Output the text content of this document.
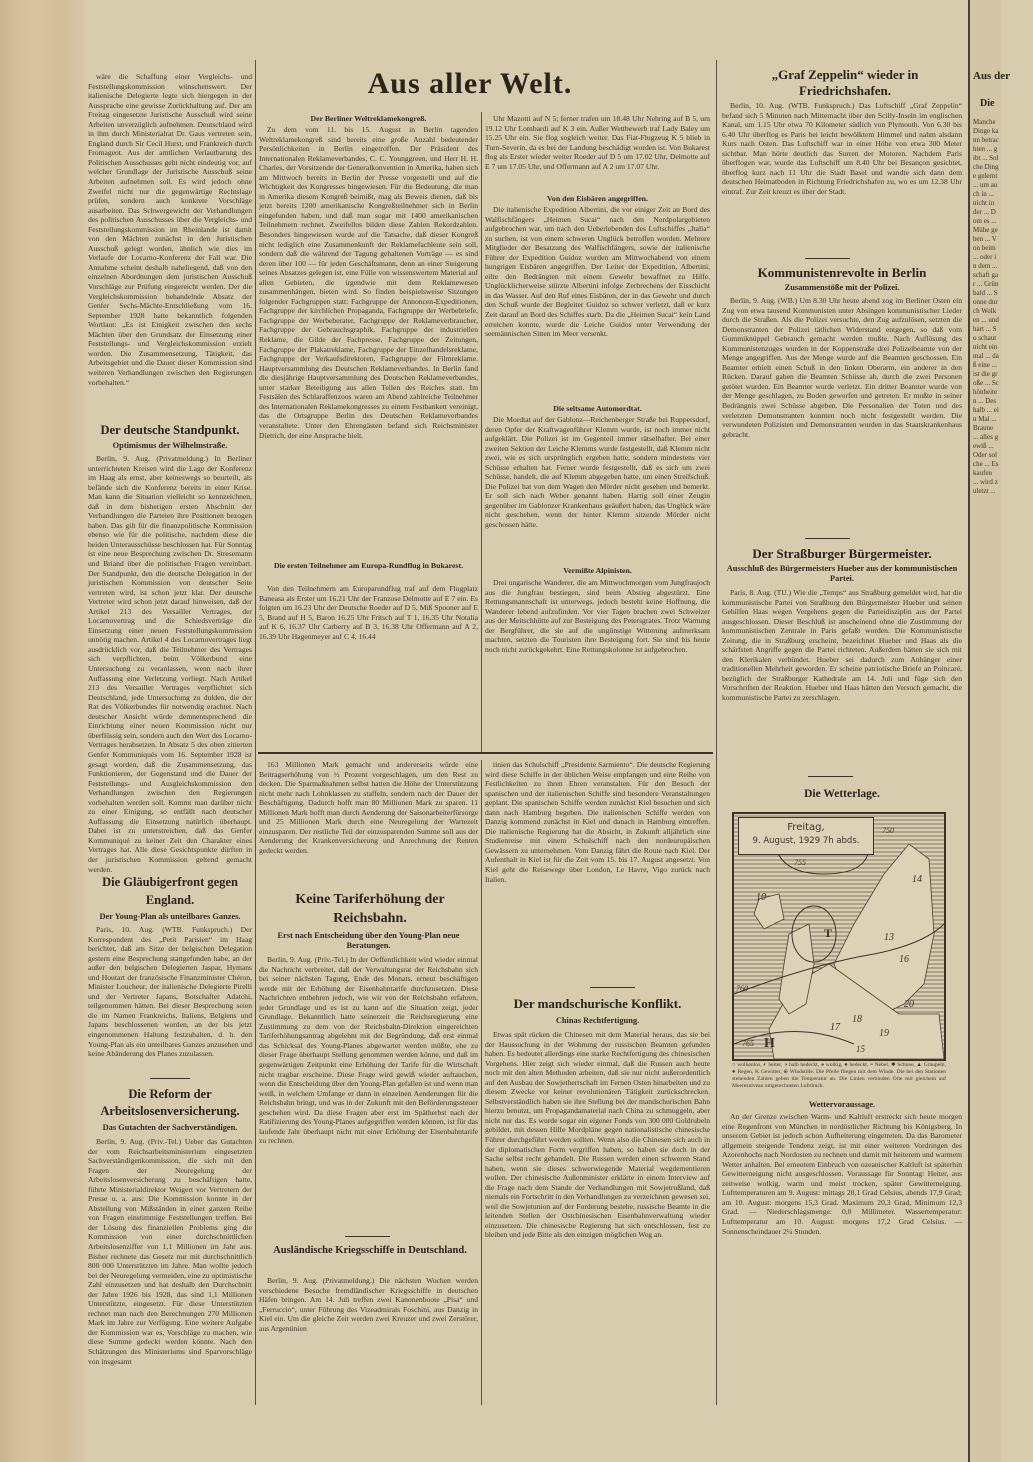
Aus aller Welt.
wäre die Schaffung einer Vergleichs- und Feststellungskommission wünschenswert. Der italienische Delegierte legte sich hiergegen in der Aussprache eine gewisse Zurückhaltung auf. Der am Freitag eingesetzte Juristische Ausschuß wird seine Arbeiten unverzüglich aufnehmen. Deutschland wird in ihm durch Ministerialrat Dr. Gaus vertreten sein, England durch Sir Cecil Hurst, und Frankreich durch Fromageot. Aus der amtlichen Verlautbarung des Politischen Ausschusses geht nicht eindeutig vor, auf welcher Grundlage der Juristische Ausschuß seine Arbeiten aufnehmen soll. Es wird jedoch ohne Zweifel nicht nur die gegenwärtige Rechtslage prüfen, sondern auch konkrete Vorschläge ausarbeiten. Das Schwergewicht der Verhandlungen des politischen Ausschusses über die Vergleichs- und Feststellungskommission im Rheinlande ist damit von den Mächten zunächst in den Juristischen Ausschuß gelegt worden, ähnlich wie dies im Verlaufe der Locarno-Konferenz der Fall war. Die Annahme scheint deshalb naheliegend, daß von den einzelnen Abordnungen dem juristischen Ausschuß Vorschläge zur Prüfung eingereicht werden. Der die Vergleichskommission behandelnde Absatz der Genfer Sechs-Mächte-Entschließung vom 16. September 1928 hatte bekanntlich folgenden Wortlaut: „Es ist Einigkeit zwischen den sechs Mächten über den Grundsatz der Einsetzung einer Feststellungs- und Vergleichskommission erzielt worden. Die Zusammensetzung, Tätigkeit, das Arbeitsgebiet und die Dauer dieser Kommission sind weiteren Verhandlungen zwischen den Regierungen vorbehalten.“
Der deutsche Standpunkt.
Optimismus der Wilhelmstraße.
Berlin, 9. Aug. (Privatmeldung.) In Berliner unterrichteten Kreisen wird die Lage der Konferenz im Haag als ernst, aber keineswegs so beurteilt, als befände sich die Konferenz bereits in einer Krise. Man kann die Situation vielleicht so kennzeichnen, daß in dem bisherigen ersten Abschnitt der Verhandlungen die Parteien ihre Positionen bezogen haben. Das gilt für die finanzpolitische Kommission ebenso wie für die politische, nachdem diese die beiden Unterausschüsse beschlossen hat. Für Sonntag ist eine neue Besprechung zwischen Dr. Stresemann und Briand über die politischen Fragen vereinbart. Der Standpunkt, den die deutsche Delegation in der juristischen Kommission von deutscher Seite vertreten wird, ist schon jetzt klar. Der deutsche Vertreter wird schon jetzt darauf hinweisen, daß der Artikel 213 des Versailler Vertrages, der Locarnovertrag und die Schiedsverträge die Einsetzung einer neuen Feststellungskommission unnötig machen. Artikel 4 des Locarnovertrages liegt ausdrücklich vor, daß die Teilnehmer des Vertrages sich verpflichten, beim Völkerbund eine Untersuchung zu veranlassen, wenn nach ihrer Auffassung eine Verletzung vorliegt. Nach Artikel 213 des Versailler Vertrages verpflichtet sich Deutschland, jede Untersuchung zu dulden, die der Rat des Völkerbundes für notwendig erachtet. Nach deutscher Ansicht würde demnentsprechend die Einrichtung einer neuen Kommission nicht nur überflüssig sein, sondern auch den Wert des Locarno-Vertrages herabsetzen. In Absatz 5 des oben zitierten Genfer Kommuniqués vom 16. September 1928 ist gesagt worden, daß die Zusammensetzung, das Funktionieren, der Gegenstand und die Dauer der Feststellungs- und Ausgleichskommission den Verhandlungen zwischen den Regierungen vorbehalten werden soll. Kommt man darüber nicht zu einer Einigung, so entfällt nach deutscher Auffassung die Einsetzung natürlich überhaupt. Dabei ist zu unterstreichen, daß das Genfer Kommuniqué zu keiner Zeit den Charakter eines Vertrages hat. Alle diese Gesichtspunkte dürften in der juristischen Kommission geltend gemacht werden.
Die Gläubigerfront gegen England.
Der Young-Plan als unteilbares Ganzes.
Paris, 10. Aug. (WTB. Funkspruch.) Der Korrespondent des „Petit Parisien“ im Haag berichtet, daß am Sitze der belgischen Delegation gestern eine Besprechung stattgefunden habe, an der außer den belgischen Delegierten Jaspar, Hymans und Houtart der französische Finanzminister Chéron, Minister Loucheur, der italienische Delegierte Pirelli und der Vertreter Japans, Botschafter Adatchi, teilgenommen hätten. Bei dieser Besprechung seien die im Namen Frankreichs, Italiens, Belgiens und Japans beschlossenen worden, an der bis jetzt eingenommenen Haltung festzuhalten, d. h. den Young-Plan als ein unteilbares Ganzes anzusehen und keine Abänderung des Planes zuzulassen.
Die Reform der Arbeitslosenversicherung.
Das Gutachten der Sachverständigen.
Berlin, 9. Aug. (Priv.-Tel.) Ueber das Gutachten der vom Reichsarbeitsministerium eingesetzten Sachverständigenkommission, die sich mit den Fragen der Neuregelung der Arbeitslosenversicherung zu beschäftigen hatte, führte Ministerialdirektor Weigert vor Vertretern der Presse u. a. aus: Die Kommission konnte in der Abstellung von Mißständen in einer ganzen Reihe von Fragen einstimmige Feststellungen treffen. Bei der Lösung des finanziellen Problems ging die Kommission von einer durchschnittlichen Arbeitslosenziffer von 1,1 Millionen im Jahr aus. Bisher rechnete das Gesetz nur mit durchschnittlich 800 000 Unterstützten im Jahre. Man wollte jedoch bei der Neuregelung vermeiden, eine zu optimistische Zahl einzusetzen und hat deshalb den Durchschnitt der Jahre 1926 bis 1928, das sind 1,1 Millionen Unterstützte, eingesetzt. Für diese Unterstützten rechnet man nach den Berechnungen 270 Millionen Mark im Jahre zur Verfügung. Eine weitere Aufgabe der Kommission war es, Vorschläge zu machen, wie diese Summe gedeckt werden könnte. Nach den Schätzungen des Ministeriums sind Sparvorschläge von insgesamt
Der Berliner Weltreklamekongreß.
Zu dem vom 11. bis 15. August in Berlin tagenden Weltreklamekongreß sind bereits eine große Anzahl bedeutender Persönlichkeiten in Berlin eingetroffen. Der Präsident des Internationalen Reklameverbandes, C. C. Younggreen, und Herr H. H. Charles, der Vorsitzende der Generalkonvention in Amerika, haben sich am Mittwoch bereits in Berlin der Presse vorgestellt und auf die Wichtigkeit des Kongresses hingewiesen. Für die Bedeutung, die man in Amerika diesem Kongreß beimißt, mag als Beweis dienen, daß bis jetzt bereits 1200 amerikanische Kongreßteilnehmer sich in Berlin eingefunden haben, und daß man sogar mit 1400 amerikanischen Teilnehmern rechnet. Zweifellos bilden diese Zahlen Rekordzahlen. Besonders hingewiesen wurde auf die Tatsache, daß dieser Kongreß nicht lediglich eine Zusammenkunft der Reklamefachleute sein soll, sondern daß die während der Tagung gehaltenen Vorträge — es sind deren über 100 — für jeden Geschäftsmann, denn an einer Steigerung seines Absatzes gelegen ist, eine Fülle von wissenswertem Material auf allen Gebieten, die irgendwie mit dem Reklamewesen zusammenhängen, bieten wird. So finden beispielsweise Sitzungen folgender Fachgruppen statt: Fachgruppe der Annoncen-Expeditionen, Fachgruppe der kirchlichen Propaganda, Fachgruppe der Werbebriefe, Fachgruppe der Werbeberater, Fachgruppe der Reklameverbraucher, Fachgruppe der Gebrauchsgraphik, Fachgruppe der industriellen Reklame, die Gilde der Fachpresse, Fachgruppe der Zeitungen, Fachgruppe der Plakatreklame, Fachgruppe der Einzelhandelsreklame, Fachgruppe der Verkaufsdirektoren, Fachgruppe der Filmreklame. Hauptversammlung des Deutschen Reklameverbandes. In Berlin fand die diesjährige Hauptversammlung des Deutschen Reklameverbandes, unter starker Beteiligung aus allen Teilen des Reiches statt. Im Festsälen des Schlaraffenzoos waren am Abend zahlreiche Teilnehmer des Internationalen Reklamekongresses zu einem Festbankett vereinigt, das die Ortsgruppe Berlin des Deutschen Reklameverbandes veranstaltete. Unter den Ehrengästen befand sich Reichsminister Dietrich, der eine Ansprache hielt.
Die ersten Teilnehmer am Europa-Rundflug in Bukarest.
Von den Teilnehmern am Europarundflug traf auf dem Flugplatz Baneasa als Erster um 16.21 Uhr der Franzose Delmotte auf E 7 ein. Es folgten um 16.23 Uhr der Deutsche Roeder auf D 5, Miß Spooner auf E 5, Brand auf H 5, Baron 16.25 Uhr Fritsch auf T 1, 16.35 Uhr Notalia auf K 6, 16.37 Uhr Carberry auf B 3, 16.38 Uhr Offermann auf A 2, 16.39 Uhr Hagenmeyer auf C 4, 16.44
163 Millionen Mark gemacht und andererseits würde eine Beitragserhöhung von ½ Prozent vorgeschlagen, um den Rest zu decken. Die Sparmaßnahmen selbst hatten die Höhe der Unterstützung nicht mehr nach Lohnklassen zu staffeln, sondern nach der Dauer der Beschäftigung. Dadurch hofft man 80 Millionen Mark zu sparen. 11 Millionen Mark hofft man durch Aenderung der Saisonarbeiterfürsorge und 25 Millionen Mark durch eine Neuregelung der Wartezeit einzusparen. Der restliche Teil der einzusparenden Summe soll aus der Aenderung der Krankenversicherung und Anrechnung der Renten gedeckt werden.
Keine Tariferhöhung der Reichsbahn.
Erst nach Entscheidung über den Young-Plan neue Beratungen.
Berlin, 9. Aug. (Priv.-Tel.) In der Oeffentlichkeit wird wieder einmal die Nachricht verbreitet, daß der Verwaltungsrat der Reichsbahn sich bei seiner nächsten Tagung, Ende des Monats, erneut beschäftigen werde mit der Erhöhung der Eisenbahntarife durchzusetzen. Diese Nachrichten entbehren jedoch, wie wir von der Reichsbahn erfahren, jeder Grundlage und es ist zu kann auf die Situation zeigt, jeder Grundlage. Bekanntlich hatte seinerzeit die Reichsregierung eine Zustimmung zu dem von der Reichsbahn-Direktion eingereichten Tariferhöhungsantrag abgelehnt mit der Begründung, daß erst einmal das Schicksal des Young-Planes abgewartet werden müßte, ehe zu dieser Frage überhaupt Stellung genommen werden könne, und daß im gegenwärtigen Zeitpunkt eine Erhöhung der Tarife für die Wirtschaft nicht tragbar erscheine. Diese Frage wird gewiß wieder auftauchen, wenn die Entscheidung über den Young-Plan gefallen ist und wenn man weiß, in welchem Umfange er dann in einzelnen Aenderungen für die Reichsbahn bringt, und was in der Zukunft mit den Beförderungssteuer geschehen wird. Da diese Fragen aber erst im Spätherbst nach der Ratifizierung des Young-Planes aufgegriffen werden können, ist für das laufende Jahr überhaupt nicht mit einer Erhöhung der Eisenbahntarife zu rechnen.
Ausländische Kriegsschiffe in Deutschland.
Berlin, 9. Aug. (Privatmeldung.) Die nächsten Wochen werden verschiedene Besuche fremdländischer Kriegsschiffe in deutschen Häfen bringen. Am 14. Juli treffen zwei Kanonenboote „Pisa“ und „Ferruccio“, unter Führung des Vizeadmirals Foschini, aus Danzig in Kiel ein. Um die gleiche Zeit werden zwei Kreuzer und zwei Zerstörer, aus Argentinien
Uhr Mazotti auf N 5; ferner trafen um 18.48 Uhr Nehring auf B 5, um 19.12 Uhr Lombardi auf K 3 ein. Außer Wettbewerb traf Lady Baley um 15.25 Uhr ein. Sie flog sogleich weiter. Das Fiat-Flugzeug K 5 blieb in Turn-Severin, da es bei der Landung beschädigt worden ist. Von Bukarest flog als Erster wieder weiter Roeder auf D 5 um 17.02 Uhr, Delmotte auf E 7 um 17.05 Uhr, und Offermann auf A 2 um 17.07 Uhr.
Von den Eisbären angegriffen.
Die italienische Expedition Albertini, die vor einiger Zeit an Bord des Walfischfängers „Heimen Sucai“ nach den Nordpolargebieten aufgebrochen war, um nach den Ueberlebenden des Luftschiffes „Italia“ zu suchen, ist von einem schweren Unglück betroffen worden. Mehrere Mitglieder der Besatzung des Walfischfängers, sowie der italienische Führer der Expedition Guidoz wurden am Mittwochabend von einem hungrigen Eisbären angegriffen. Der Leiter der Expedition, Albertini, eilte den Bedrängten mit einem Gewehr bewaffnet zu Hilfe. Unglücklicherweise stürzte Albertini infolge Zerbrechens der Eisschicht in das Wasser. Auf den Ruf eines Eisbären, der in das Gewehr und durch den Schuß wurde der Begleiter Guidoz so schwer verletzt, daß er kurz Zeit darauf an Bord des Schiffes starb. Da die „Heimen Sucai“ kein Land erreichen konnte, wurde die Leiche Guidos unter Verwendung der seemännischen Sitten im Meer versenkt.
Die seltsame Automordtat.
Die Mordtat auf der Gablonz—Reichenberger Straße bei Ruppersdorf, deren Opfer der Kraftwagenführer Klemm wurde, ist noch immer nicht aufgeklärt. Die Polizei ist im Gegenteil immer rätselhafter. Bei einer zweiten Sektion der Leiche Klemms wurde festgestellt, daß Klemm nicht zwei, wie es sich ursprünglich ergeben hatte, sondern mindestens vier Schüsse erhalten hat. Ferner wurde festgestellt, daß es sich um zwei Schüsse, handelt, die auf Klemm abgegeben hatte, um einen Streifschuß. Die Polizei hat von dem Wagen den Mörder nicht gesehen und bemerkt. Er soll sich nach Weber genannt haben. Hartig soll einer Zeugin gegenüber im Gablonzer Krankenhaus geäußert haben, das Unglück wäre nicht geschehen, wenn der hinter Klemm sitzende Mörder nicht geschossen hätte.
Vermißte Alpinisten.
Drei ungarische Wanderer, die am Mittwochmorgen vom Jungfraujoch aus die Jungfrau bestiegen, sind beim Abstieg abgestürzt. Eine Rettungsmannschaft ist unterwegs, jedoch besteht keine Hoffnung, die Wanderer lebend aufzufinden. Vor vier Tagen brachen zwei Schweizer aus der Meitschhütte auf zur Besteigung des Petersgrates. Trotz Warnung der Bergführer, die sie auf die ungünstige Witterung aufmerksam machten, setzten die Touristen ihre Besteigung fort. Sie sind bis heute noch nicht zurückgekehrt. Eine Rettungskolonne ist aufgebrochen.
tinien das Schulschiff „Presidente Sarmiento“. Die deutsche Regierung wird diese Schiffe in der üblichen Weise empfangen und eine Reihe von Festlichkeiten zu ihren Ehren veranstalten. Für den Besuch der spanischen und der italienischen Schiffe sind besondere Veranstaltungen geplant. Die spanischen Schiffe werden zunächst Kiel besuchen und sich dann nach Hamburg begeben. Die italienischen Schiffe werden von Danzig kommend zunächst in Kiel und danach in Hamburg eintreffen. Die italienische Regierung hat die Absicht, in Zukunft alljährlich eine Studienreise mit einem Schulschiff nach den nordeuropäischen Gewässern zu unternehmen. Vom Danzig fährt die Route nach Kiel. Der Aufenthalt in Kiel ist für die Zeit vom 15. bis 17. August angesetzt. Von Kiel geht die Reisewege über London, Le Havre, Vigo zurück nach Italien.
Der mandschurische Konflikt.
Chinas Rechtfertigung.
Etwas spät rücken die Chinesen mit dem Material heraus, das sie bei der Haussuchung in der Wohnung der russischen Beamten gefunden haben. Es bedeutet allerdings eine starke Rechtfertigung des chinesischen Vorgehens. Hier zeigt sich wieder einmal, daß die Russen auch heute noch mit den alten Methoden arbeiten, daß sie nur nicht außerordentlich auf den Ausbau der Sowjetherrschaft im Fernen Osten hinarbeiten und zu diesem Zwecke vor keiner revolutionären Tätigkeit zurückschrecken. Selbstverständlich haben sie ihre Stellung bei der mandschurischen Bahn hierzu benutzt, um Propagandamaterial nach China zu schmuggeln, aber nicht nur das. Es wurde sogar ein eigener Fonds von 300 000 Goldrubeln gebildet, mit dessen Hilfe Mordpläne gegen nationalistische chinesische Führer durchgeführt werden sollten. Wenn also die Chinesen sich auch in der diplomatischen Form vergriffen haben, so haben sie doch in der Sache selbst recht gehandelt. Die Russen werden einen schweren Stand haben, wenn sie dieses schwerwiegende Material wegdementieren wollen. Der chinesische Außenminister erklärte in einem Interview auf die Frage nach dem Stande der Verhandlungen mit Sowjetrußland, daß niemals ein Fortschritt in den Verhandlungen zu verzeichnen gewesen sei, weil die Sowjetunion auf der Forderung bestehe, russische Beamte in die leitenden Stellen der Ostchinesischen Eisenbahnverwaltung wieder einzusetzen. Die chinesische Regierung hat sich entschlossen, fest zu bleiben und jede Bitte als den einzigen möglichen Weg an.
„Graf Zeppelin“ wieder in Friedrichshafen.
Berlin, 10. Aug. (WTB. Funkspruch.) Das Luftschiff „Graf Zeppelin“ befand sich 5 Minuten nach Mitternacht über den Scilly-Inseln im englischen Kanal, um 1.15 Uhr etwa 70 Kilometer südlich von Plymouth. Von 6.30 bis 6.40 Uhr überflog es Paris bei leicht bewölktem Himmel und nahm alsdann Kurs nach Osten. Das Luftschiff war in einer Höhe von etwa 300 Meter sichtbar. Man hörte deutlich das Surren der Motoren. Nachdem Paris überflogen war, wurde das Luftschiff um 8.40 Uhr bei Besançon gesichtet, überflog kurz nach 11 Uhr die Stadt Basel und wandte sich dann dem deutschen Heimatboden in Richtung Friedrichshafen zu, wo es um 12.38 Uhr eintraf. Zur Zeit kreuzt es über der Stadt.
Kommunistenrevolte in Berlin
Zusammenstöße mit der Polizei.
Berlin, 9. Aug. (WB.) Um 8.30 Uhr heute abend zog im Berliner Osten ein Zug von etwa tausend Kommunisten unter Absingen kommunistischer Lieder durch die Straßen. Als die Polizei versuchte, den Zug aufzulösen, setzten die Demonstranten der Polizei tätlichen Widerstand entgegen, so daß vom Gummiknüppel Gebrauch gemacht werden mußte. Nach Auflösung des Kommunistenzuges wurden in der Koppenstraße drei Polizeibeamte von der Menge angegriffen. Aus der Menge wurde auf die Beamten geschossen. Ein Beamter erhielt einen Schuß in den linken Oberarm, ein anderer in den Rücken. Darauf gaben die Beamten Schüsse ab, durch die zwei Personen getötet wurden. Ein Beamter wurde verletzt. Ein dritter Beamter wurde von der Menge geschlagen, zu Boden geworfen und getreten. Er mußte in seiner Bedrängnis zwei Schüsse abgeben. Die Personalien der Toten und des verletzten Demonstranten konnten noch nicht festgestellt werden. Die verwundeten Polizisten und Demonstranten wurden in das Staatskrankenhaus gebracht.
Der Straßburger Bürgermeister.
Ausschluß des Bürgermeisters Hueber aus der kommunistischen Partei.
Paris, 8. Aug. (TU.) Wie die „Temps“ aus Straßburg gemeldet wird, hat die kommunistische Partei von Straßburg den Bürgermeister Hueber und seinen Gehilfen Haas wegen Vergehens gegen die Parteidisziplin aus der Partei ausgeschlossen. Dieser Beschluß ist anscheinend ohne die Zustimmung der kommunistischen Zentrale in Paris gefaßt worden. Die Kommunistische Zeitung, die in Straßburg erscheint, bezeichnet Hueber und Haas als die schärfsten Angriffe gegen die Partei richteten. Außerdem hätten sie sich mit den Klerikalen verbündet. Hueber sei dadurch zum Anhänger einer traditionellen Mehrheit geworden. Er scheine patriotische Briefe an Poincaré, bezüglich der Straßburger Kathedrale am 14. Juli und füge sich den Vorschriften der Reaktion. Hueber und Haas hätten den Versuch gemacht, die kommunistische Partei zu zerschlagen.
Die Wetterlage.
Freitag,
9. August, 1929 7h abds.
755
760
765
750
14
13
10
16
17
18
19
20
15
H
T
○ wolkenlos, ◐ heiter, ◑ halb bedeckt, ◕ wolkig, ● bedeckt, ≡ Nebel, ✱ Schnee, ▲ Graupeln, ● Regen, K Gewitter, ⊕ Windstille. Die Pfeile fliegen mit dem Winde. Die bei den Stationen stehenden Zahlen geben die Temperatur an. Die Linien verbinden Orte mit gleichem auf Meeresniveau umgerechneten Luftdruck.
Wettervoraussage.
An der Grenze zwischen Warm- und Kaltluft erstreckt sich heute morgen eine Regenfront von München in nordöstlicher Richtung bis Königsberg. In unserem Gebiet ist jedoch schon Aufheiterung eingetreten. Da das Barometer allgemein steigende Tendenz zeigt, ist mit einer weiteren Vordringen des Azorenhochs nach Nordosten zu rechnen und damit mit heiterem und warmem Wetter anhalten. Bei erneutem Einbruch von ozeanischer Kaltluft ist späterhin Gewitterneigung nicht ausgeschlossen. Voraussage für Sonntag: Heiter, aus zeitweise wolkig, warm und meist trocken, später Gewitterneigung. Lufttemperaturen am 9. August: mittags 20,1 Grad Celsius, abends 17,9 Grad; am 10. August: morgens 15,3 Grad. Maximum 20,3 Grad, Minimum 12,3 Grad. — Niederschlagsmenge: 0,0 Millimeter. Wassertemperatur: Lufttemperatur am 10. August: morgens 17,2 Grad Celsius. — Sonnenscheindauer 2¼ Stunden.
Aus der
Die
Manche Dinge kann betrachten ... gibt ... Solche Dinge gelernt ... um auch in ... nicht in der ... Dom es ... Mühe geben ... Von beim ... oder in dem ... schaft gar ... Grün bald ... Sonne durch Wolken ... und hart ... So schaut nicht einmal ... daß eine ... ist die große ... Schönheiten ... Deshalb ... ein Mal ... Braune ... alles gewiß ... Oder solche ... Es kaufen ... wird zuletzt ...
